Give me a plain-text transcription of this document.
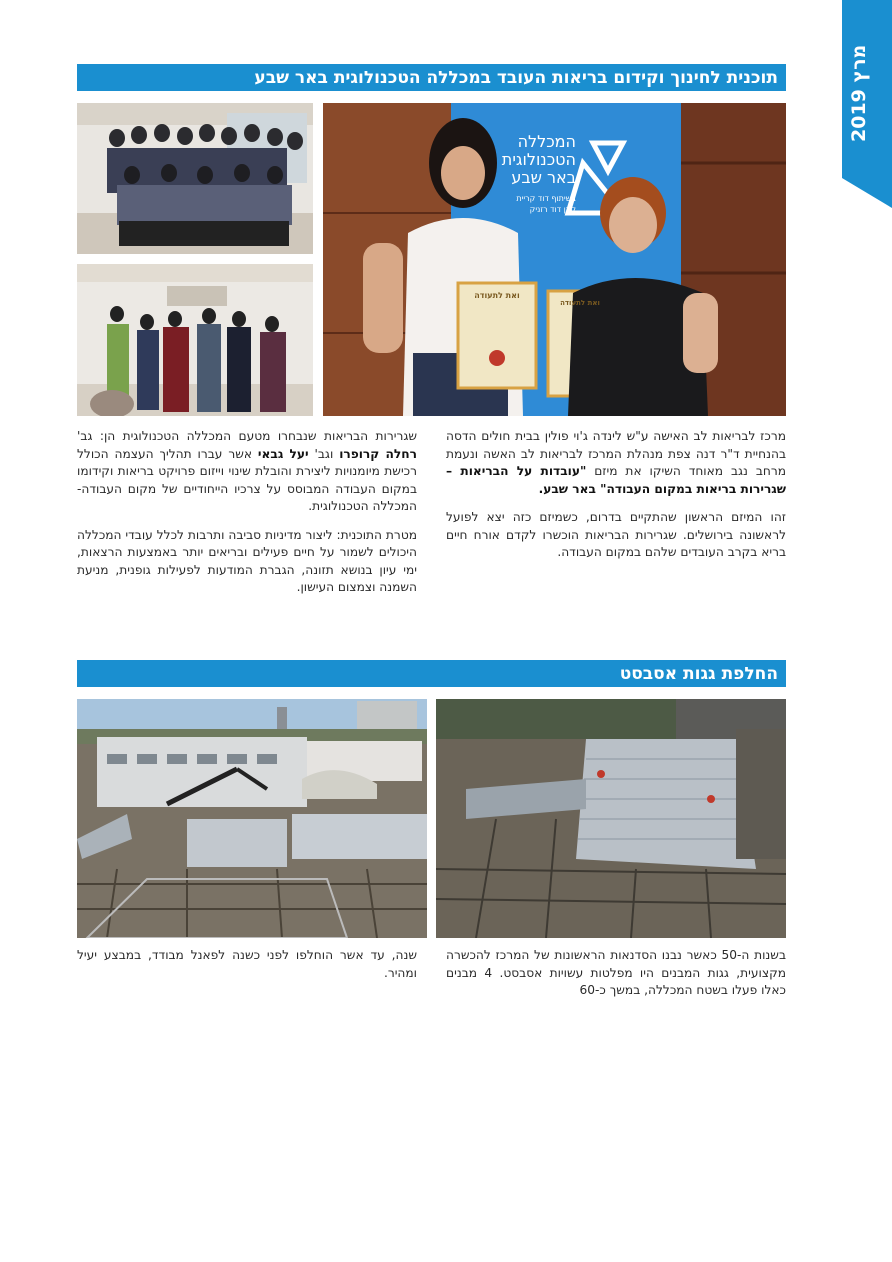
מרץ 2019
תוכנית לחינוך וקידום בריאות העובד במכללה הטכנולוגית באר שבע
המכללה
הטכנולוגית
באר שבע
בשיתוף דוד קריית
קרן דוד רזניק
ואת לתעודה
ואת לתעודה

מרכז לבריאות לב האישה ע"ש לינדה ג'וי פולין בבית חולים הדסה בהנחיית ד"ר דנה צפת מנהלת המרכז לבריאות לב האשה ונעמת מרחב נגב מאוחד השיקו את מיזם "עובדות על הבריאות – שגרירות בריאות במקום העבודה" באר שבע.

זהו המיזם הראשון שהתקיים בדרום, כשמיזם כזה יצא לפועל לראשונה בירושלים. שגרירות הבריאות הוכשרו לקדם אורח חיים בריא בקרב העובדים שלהם במקום העבודה.

שגרירות הבריאות שנבחרו מטעם המכללה הטכנולוגית הן: גב' רחלה קרופרו וגב' יעל גבאי אשר עברו תהליך העצמה הכולל רכישת מיומנויות ליצירת והובלת שינוי וייזום פרויקט בריאות וקידומו במקום העבודה המבוסס על צרכיו הייחודיים של מקום העבודה- המכללה הטכנולוגית.

מטרת התוכנית: ליצור מדיניות סביבה ותרבות לכלל עובדי המכללה היכולים לשמור על חיים פעילים ובריאים יותר באמצעות הרצאות, ימי עיון בנושא תזונה, הגברת המודעות לפעילות גופנית, מניעת השמנה וצמצום העישון.

החלפת גגות אסבסט

בשנות ה-50 כאשר נבנו הסדנאות הראשונות של המרכז להכשרה מקצועית, גגות המבנים היו מפלטות עשויות אסבסט. 4 מבנים כאלו פעלו בשטח המכללה, במשך כ-60

שנה, עד אשר הוחלפו לפני כשנה לפאנל מבודד, במבצע יעיל ומהיר.
